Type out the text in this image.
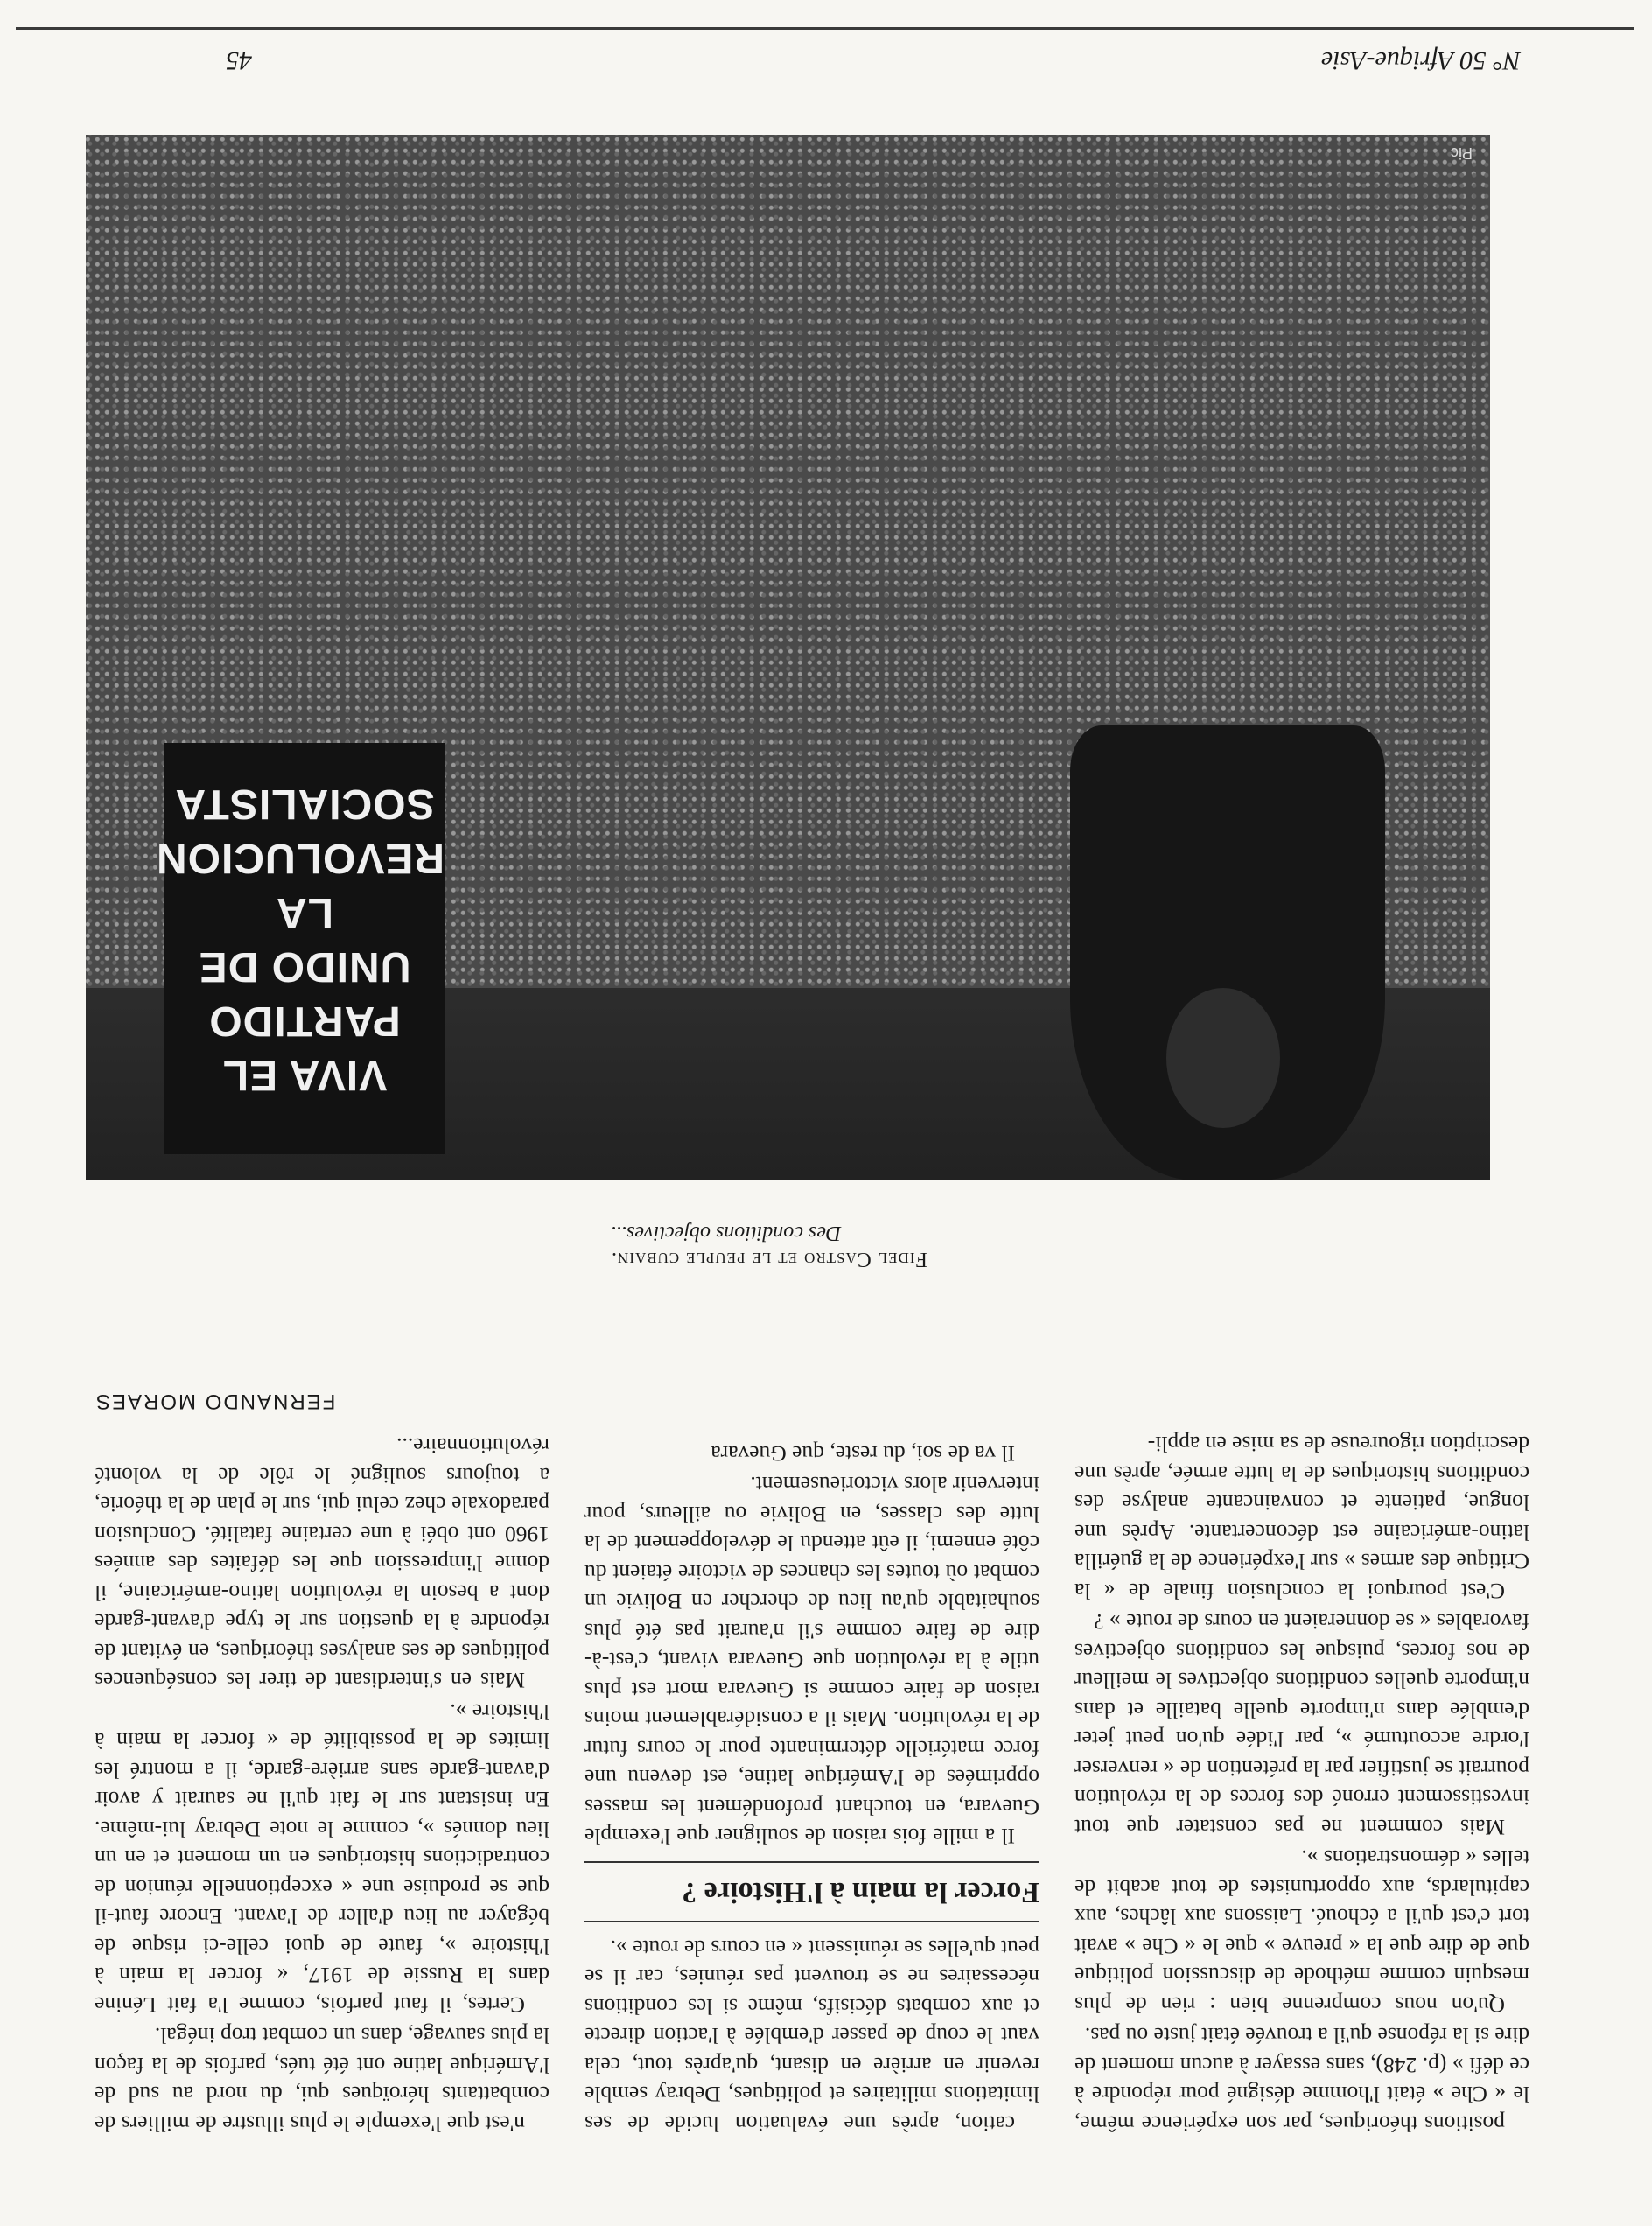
N° 50 Afrique-Asie
45
VIVA EL PARTIDO
UNIDO DE LA
REVOLUCION
SOCIALISTA
Pic
Fidel Castro et le peuple cubain.
Des conditions objectives...

positions théoriques, par son expérience même, le « Che » était l'homme désigné pour répondre à ce défi » (p. 248), sans essayer à aucun moment de dire si la réponse qu'il a trouvée était juste ou pas.

Qu'on nous comprenne bien : rien de plus mesquin comme méthode de discussion politique que de dire que la « preuve » que le « Che » avait tort c'est qu'il a échoué. Laissons aux lâches, aux capitulards, aux opportunistes de tout acabit de telles « démonstrations ».

Mais comment ne pas constater que tout investissement erroné des forces de la révolution pourrait se justifier par la prétention de « renverser l'ordre accoutumé », par l'idée qu'on peut jeter d'emblée dans n'importe quelle bataille et dans n'importe quelles conditions objectives le meilleur de nos forces, puisque les conditions objectives favorables « se donneraient en cours de route » ?

C'est pourquoi la conclusion finale de « la Critique des armes » sur l'expérience de la guérilla latino-américaine est déconcertante. Après une longue, patiente et convaincante analyse des conditions historiques de la lutte armée, après une description rigoureuse de sa mise en appli-

cation, après une évaluation lucide de ses limitations militaires et politiques, Debray semble revenir en arrière en disant, qu'après tout, cela vaut le coup de passer d'emblée à l'action directe et aux combats décisifs, même si les conditions nécessaires ne se trouvent pas réunies, car il se peut qu'elles se réunissent « en cours de route ».

Forcer la main à l'Histoire ?

Il a mille fois raison de souligner que l'exemple Guevara, en touchant profondément les masses opprimées de l'Amérique latine, est devenu une force matérielle déterminante pour le cours futur de la révolution. Mais il a considérablement moins raison de faire comme si Guevara mort est plus utile à la révolution que Guevara vivant, c'est-à-dire de faire comme s'il n'aurait pas été plus souhaitable qu'au lieu de chercher en Bolivie un combat où toutes les chances de victoire étaient du côté ennemi, il eût attendu le développement de la lutte des classes, en Bolivie ou ailleurs, pour intervenir alors victorieusement.

Il va de soi, du reste, que Guevara

n'est que l'exemple le plus illustre de milliers de combattants héroïques qui, du nord au sud de l'Amérique latine ont été tués, parfois de la façon la plus sauvage, dans un combat trop inégal.

Certes, il faut parfois, comme l'a fait Lénine dans la Russie de 1917, « forcer la main à l'histoire », faute de quoi celle-ci risque de bégayer au lieu d'aller de l'avant. Encore faut-il que se produise une « exceptionnelle réunion de contradictions historiques en un moment et en un lieu donnés », comme le note Debray lui-même. En insistant sur le fait qu'il ne saurait y avoir d'avant-garde sans arrière-garde, il a montré les limites de la possibilité de « forcer la main à l'histoire ».

Mais en s'interdisant de tirer les conséquences politiques de ses analyses théoriques, en évitant de répondre à la question sur le type d'avant-garde dont a besoin la révolution latino-américaine, il donne l'impression que les défaites des années 1960 ont obéi à une certaine fatalité. Conclusion paradoxale chez celui qui, sur le plan de la théorie, a toujours souligné le rôle de la volonté révolutionnaire...

FERNANDO MORAES
